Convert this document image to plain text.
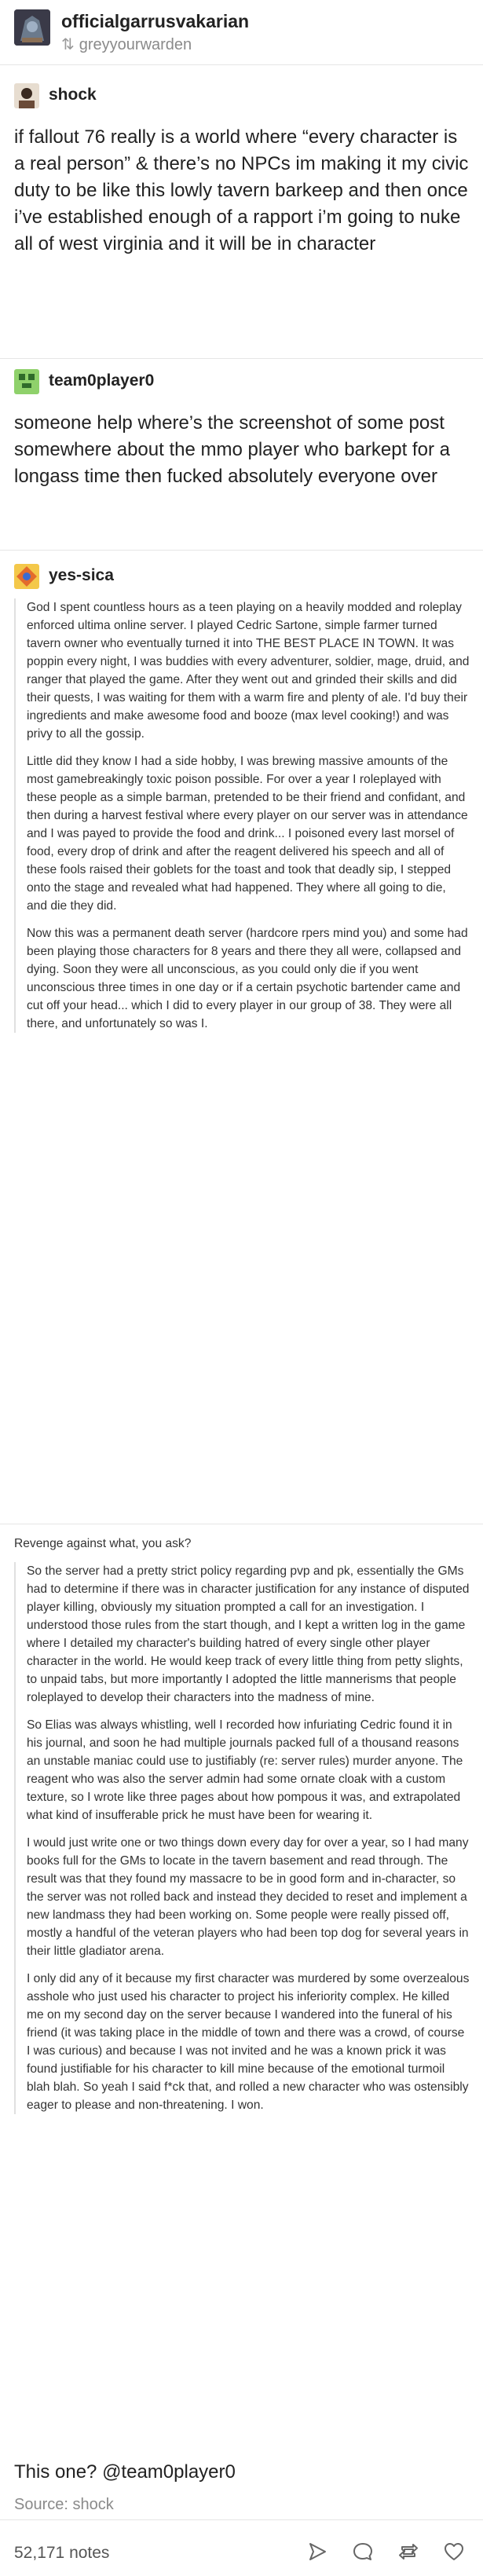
officialgarrusvakarian
⇅ greyyourwarden
shock
if fallout 76 really is a world where “every character is a real person” & there’s no NPCs im making it my civic duty to be like this lowly tavern barkeep and then once i’ve established enough of a rapport i’m going to nuke all of west virginia and it will be in character
team0player0
someone help where’s the screenshot of some post somewhere about the mmo player who barkept for a longass time then fucked absolutely everyone over
yes-sica

God I spent countless hours as a teen playing on a heavily modded and roleplay enforced ultima online server. I played Cedric Sartone, simple farmer turned tavern owner who eventually turned it into THE BEST PLACE IN TOWN. It was poppin every night, I was buddies with every adventurer, soldier, mage, druid, and ranger that played the game. After they went out and grinded their skills and did their quests, I was waiting for them with a warm fire and plenty of ale. I'd buy their ingredients and make awesome food and booze (max level cooking!) and was privy to all the gossip.

Little did they know I had a side hobby, I was brewing massive amounts of the most gamebreakingly toxic poison possible. For over a year I roleplayed with these people as a simple barman, pretended to be their friend and confidant, and then during a harvest festival where every player on our server was in attendance and I was payed to provide the food and drink... I poisoned every last morsel of food, every drop of drink and after the reagent delivered his speech and all of these fools raised their goblets for the toast and took that deadly sip, I stepped onto the stage and revealed what had happened. They where all going to die, and die they did.

Now this was a permanent death server (hardcore rpers mind you) and some had been playing those characters for 8 years and there they all were, collapsed and dying. Soon they were all unconscious, as you could only die if you went unconscious three times in one day or if a certain psychotic bartender came and cut off your head... which I did to every player in our group of 38. They were all there, and unfortunately so was I.

Revenge against what, you ask?

So the server had a pretty strict policy regarding pvp and pk, essentially the GMs had to determine if there was in character justification for any instance of disputed player killing, obviously my situation prompted a call for an investigation. I understood those rules from the start though, and I kept a written log in the game where I detailed my character's building hatred of every single other player character in the world. He would keep track of every little thing from petty slights, to unpaid tabs, but more importantly I adopted the little mannerisms that people roleplayed to develop their characters into the madness of mine.

So Elias was always whistling, well I recorded how infuriating Cedric found it in his journal, and soon he had multiple journals packed full of a thousand reasons an unstable maniac could use to justifiably (re: server rules) murder anyone. The reagent who was also the server admin had some ornate cloak with a custom texture, so I wrote like three pages about how pompous it was, and extrapolated what kind of insufferable prick he must have been for wearing it.

I would just write one or two things down every day for over a year, so I had many books full for the GMs to locate in the tavern basement and read through. The result was that they found my massacre to be in good form and in-character, so the server was not rolled back and instead they decided to reset and implement a new landmass they had been working on. Some people were really pissed off, mostly a handful of the veteran players who had been top dog for several years in their little gladiator arena.

I only did any of it because my first character was murdered by some overzealous asshole who just used his character to project his inferiority complex. He killed me on my second day on the server because I wandered into the funeral of his friend (it was taking place in the middle of town and there was a crowd, of course I was curious) and because I was not invited and he was a known prick it was found justifiable for his character to kill mine because of the emotional turmoil blah blah. So yeah I said f*ck that, and rolled a new character who was ostensibly eager to please and non-threatening. I won.

This one? @team0player0
Source: shock
52,171 notes
